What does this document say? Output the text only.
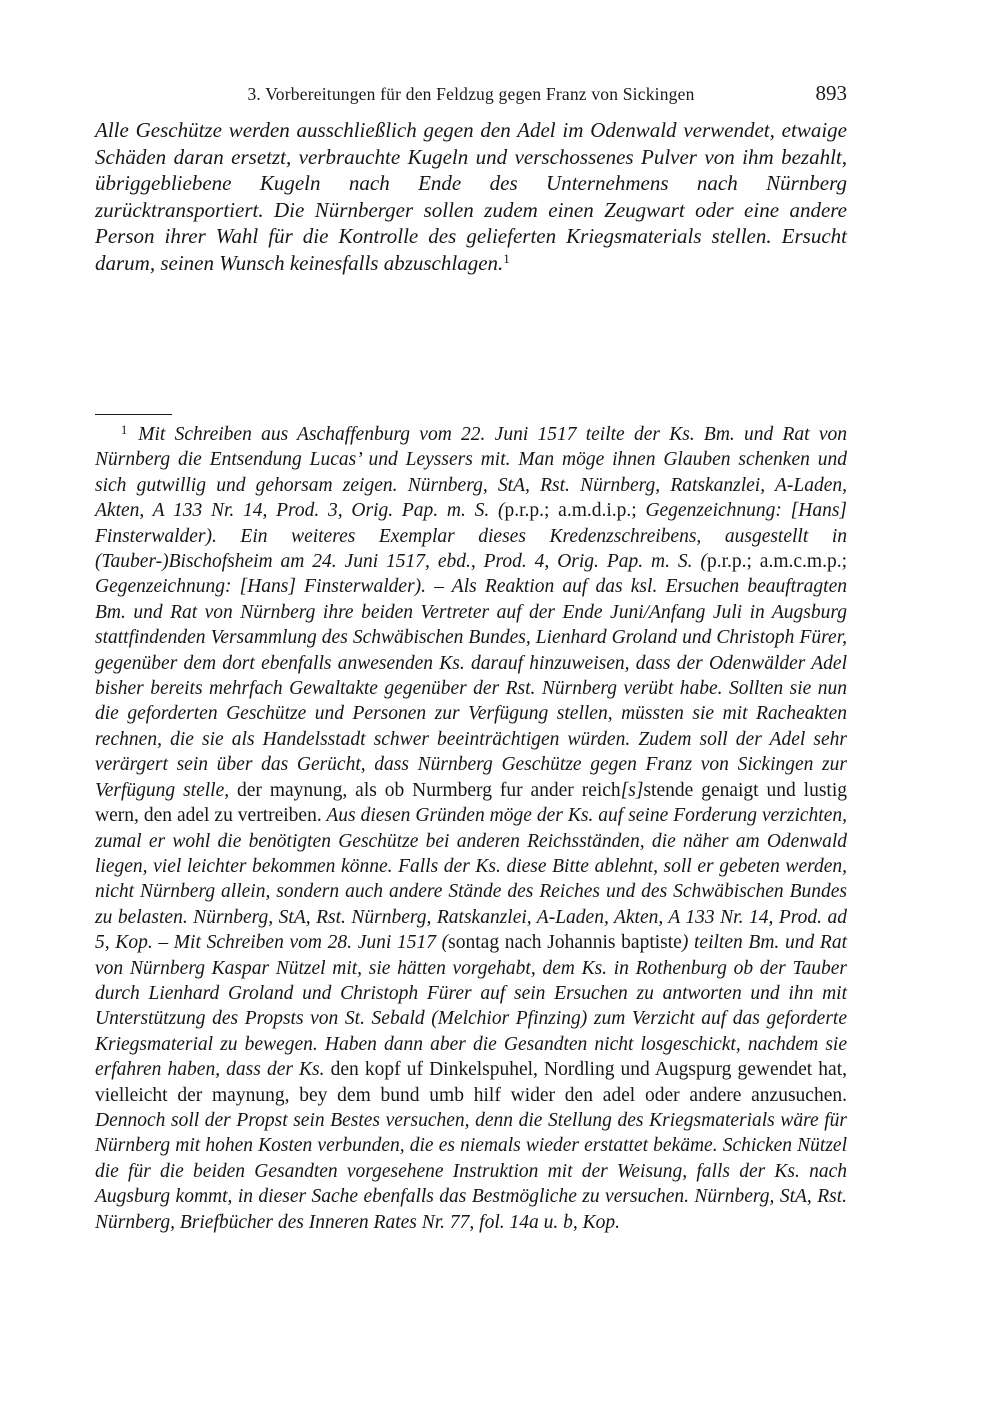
3. Vorbereitungen für den Feldzug gegen Franz von Sickingen	893

Alle Geschütze werden ausschließlich gegen den Adel im Odenwald verwendet, etwaige Schäden daran ersetzt, verbrauchte Kugeln und verschossenes Pulver von ihm bezahlt, übriggebliebene Kugeln nach Ende des Unternehmens nach Nürnberg zurücktransportiert. Die Nürnberger sollen zudem einen Zeugwart oder eine andere Person ihrer Wahl für die Kontrolle des gelieferten Kriegsmaterials stellen. Ersucht darum, seinen Wunsch keinesfalls abzuschlagen.$^1$

$^1$ Mit Schreiben aus Aschaffenburg vom 22. Juni 1517 teilte der Ks. Bm. und Rat von Nürnberg die Entsendung Lucas’ und Leyssers mit. Man möge ihnen Glauben schenken und sich gutwillig und gehorsam zeigen. Nürnberg, StA, Rst. Nürnberg, Ratskanzlei, A-Laden, Akten, A 133 Nr. 14, Prod. 3, Orig. Pap. m. S. (p.r.p.; a.m.d.i.p.; Gegenzeichnung: [Hans] Finsterwalder). Ein weiteres Exemplar dieses Kredenzschreibens, ausgestellt in (Tauber-)Bischofsheim am 24. Juni 1517, ebd., Prod. 4, Orig. Pap. m. S. (p.r.p.; a.m.c.m.p.; Gegenzeichnung: [Hans] Finsterwalder). – Als Reaktion auf das ksl. Ersuchen beauftragten Bm. und Rat von Nürnberg ihre beiden Vertreter auf der Ende Juni/Anfang Juli in Augsburg stattfindenden Versammlung des Schwäbischen Bundes, Lienhard Groland und Christoph Fürer, gegenüber dem dort ebenfalls anwesenden Ks. darauf hinzuweisen, dass der Odenwälder Adel bisher bereits mehrfach Gewaltakte gegenüber der Rst. Nürnberg verübt habe. Sollten sie nun die geforderten Geschütze und Personen zur Verfügung stellen, müssten sie mit Racheakten rechnen, die sie als Handelsstadt schwer beeinträchtigen würden. Zudem soll der Adel sehr verärgert sein über das Gerücht, dass Nürnberg Geschütze gegen Franz von Sickingen zur Verfügung stelle, der maynung, als ob Nurmberg fur ander reich[s]stende genaigt und lustig wern, den adel zu vertreiben. Aus diesen Gründen möge der Ks. auf seine Forderung verzichten, zumal er wohl die benötigten Geschütze bei anderen Reichsständen, die näher am Odenwald liegen, viel leichter bekommen könne. Falls der Ks. diese Bitte ablehnt, soll er gebeten werden, nicht Nürnberg allein, sondern auch andere Stände des Reiches und des Schwäbischen Bundes zu belasten. Nürnberg, StA, Rst. Nürnberg, Ratskanzlei, A-Laden, Akten, A 133 Nr. 14, Prod. ad 5, Kop. – Mit Schreiben vom 28. Juni 1517 (sontag nach Johannis baptiste) teilten Bm. und Rat von Nürnberg Kaspar Nützel mit, sie hätten vorgehabt, dem Ks. in Rothenburg ob der Tauber durch Lienhard Groland und Christoph Fürer auf sein Ersuchen zu antworten und ihn mit Unterstützung des Propsts von St. Sebald (Melchior Pfinzing) zum Verzicht auf das geforderte Kriegsmaterial zu bewegen. Haben dann aber die Gesandten nicht losgeschickt, nachdem sie erfahren haben, dass der Ks. den kopf uf Dinkelspuhel, Nordling und Augspurg gewendet hat, vielleicht der maynung, bey dem bund umb hilf wider den adel oder andere anzusuchen. Dennoch soll der Propst sein Bestes versuchen, denn die Stellung des Kriegsmaterials wäre für Nürnberg mit hohen Kosten verbunden, die es niemals wieder erstattet bekäme. Schicken Nützel die für die beiden Gesandten vorgesehene Instruktion mit der Weisung, falls der Ks. nach Augsburg kommt, in dieser Sache ebenfalls das Bestmögliche zu versuchen. Nürnberg, StA, Rst. Nürnberg, Briefbücher des Inneren Rates Nr. 77, fol. 14a u. b, Kop.
